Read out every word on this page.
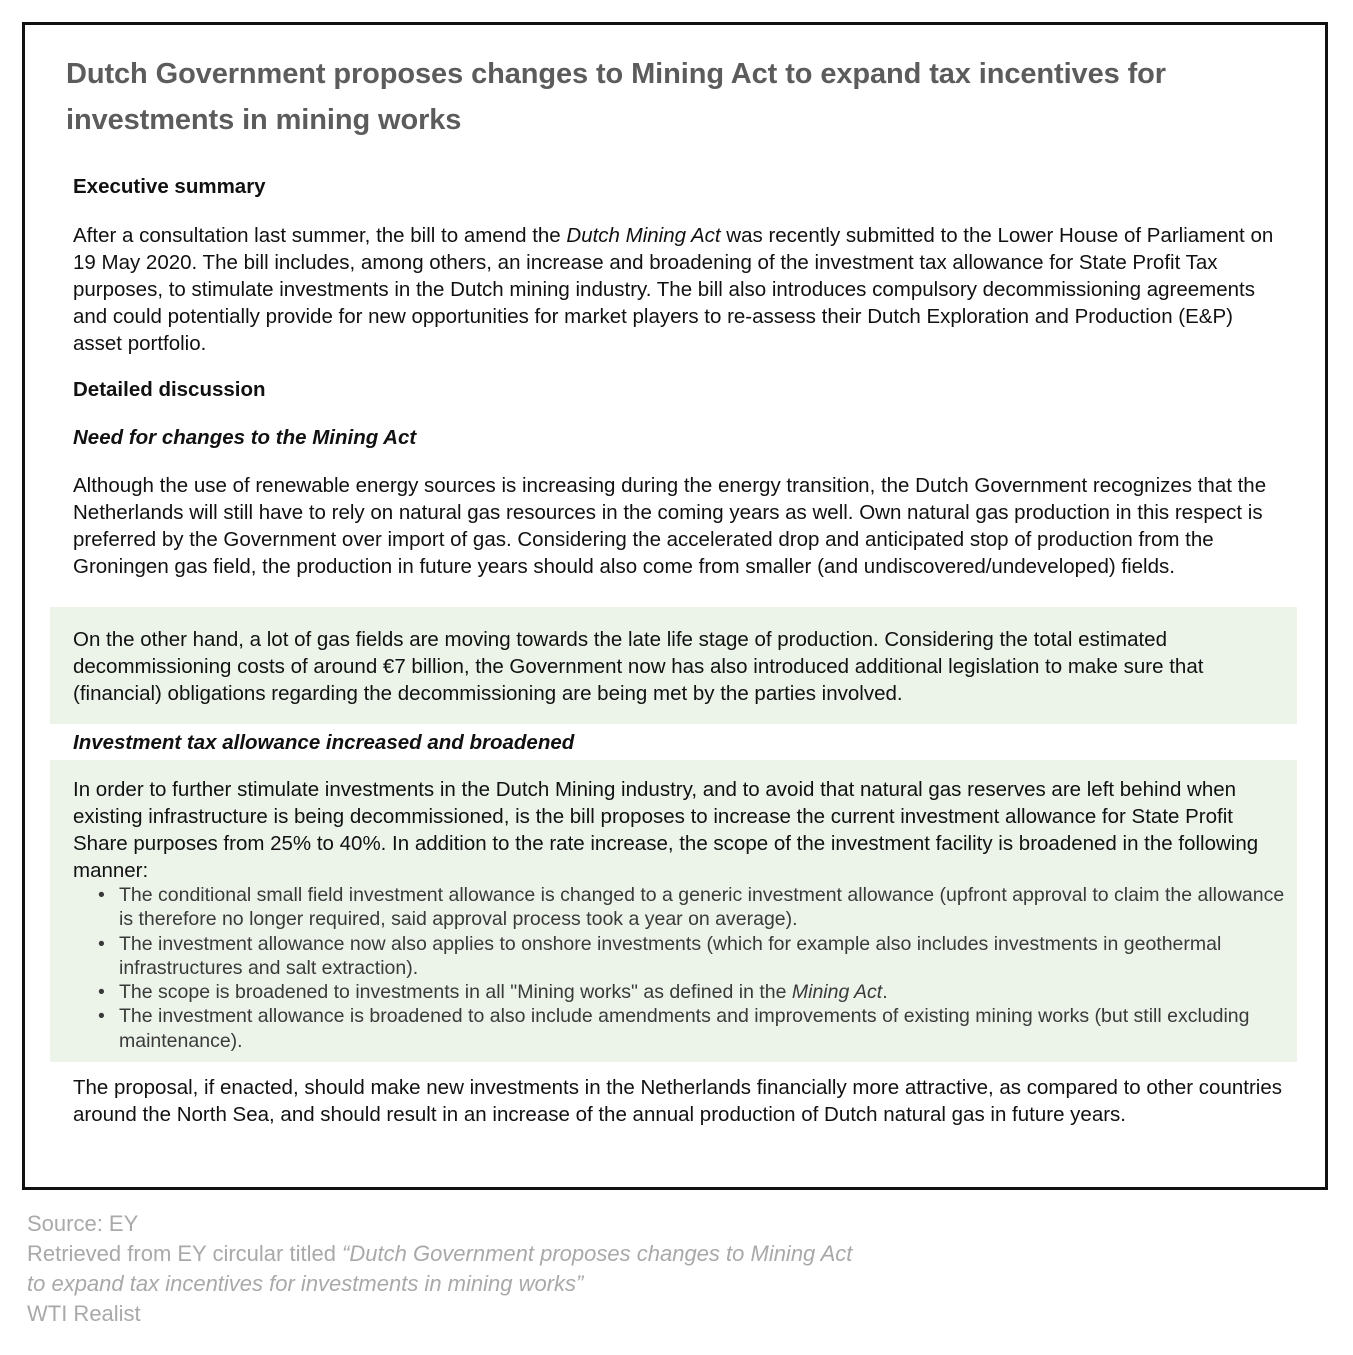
Dutch Government proposes changes to Mining Act to expand tax incentives for investments in mining works
Executive summary

After a consultation last summer, the bill to amend the Dutch Mining Act was recently submitted to the Lower House of Parliament on 19 May 2020. The bill includes, among others, an increase and broadening of the investment tax allowance for State Profit Tax purposes, to stimulate investments in the Dutch mining industry. The bill also introduces compulsory decommissioning agreements and could potentially provide for new opportunities for market players to re-assess their Dutch Exploration and Production (E&P) asset portfolio.

Detailed discussion
Need for changes to the Mining Act

Although the use of renewable energy sources is increasing during the energy transition, the Dutch Government recognizes that the Netherlands will still have to rely on natural gas resources in the coming years as well. Own natural gas production in this respect is preferred by the Government over import of gas. Considering the accelerated drop and anticipated stop of production from the Groningen gas field, the production in future years should also come from smaller (and undiscovered/undeveloped) fields.

On the other hand, a lot of gas fields are moving towards the late life stage of production. Considering the total estimated decommissioning costs of around €7 billion, the Government now has also introduced additional legislation to make sure that (financial) obligations regarding the decommissioning are being met by the parties involved.

Investment tax allowance increased and broadened

In order to further stimulate investments in the Dutch Mining industry, and to avoid that natural gas reserves are left behind when existing infrastructure is being decommissioned, is the bill proposes to increase the current investment allowance for State Profit Share purposes from 25% to 40%. In addition to the rate increase, the scope of the investment facility is broadened in the following manner:

• The conditional small field investment allowance is changed to a generic investment allowance (upfront approval to claim the allowance is therefore no longer required, said approval process took a year on average).
• The investment allowance now also applies to onshore investments (which for example also includes investments in geothermal infrastructures and salt extraction).
• The scope is broadened to investments in all "Mining works" as defined in the Mining Act.
• The investment allowance is broadened to also include amendments and improvements of existing mining works (but still excluding maintenance).

The proposal, if enacted, should make new investments in the Netherlands financially more attractive, as compared to other countries around the North Sea, and should result in an increase of the annual production of Dutch natural gas in future years.

Source: EY
Retrieved from EY circular titled “Dutch Government proposes changes to Mining Act
to expand tax incentives for investments in mining works”
WTI Realist
